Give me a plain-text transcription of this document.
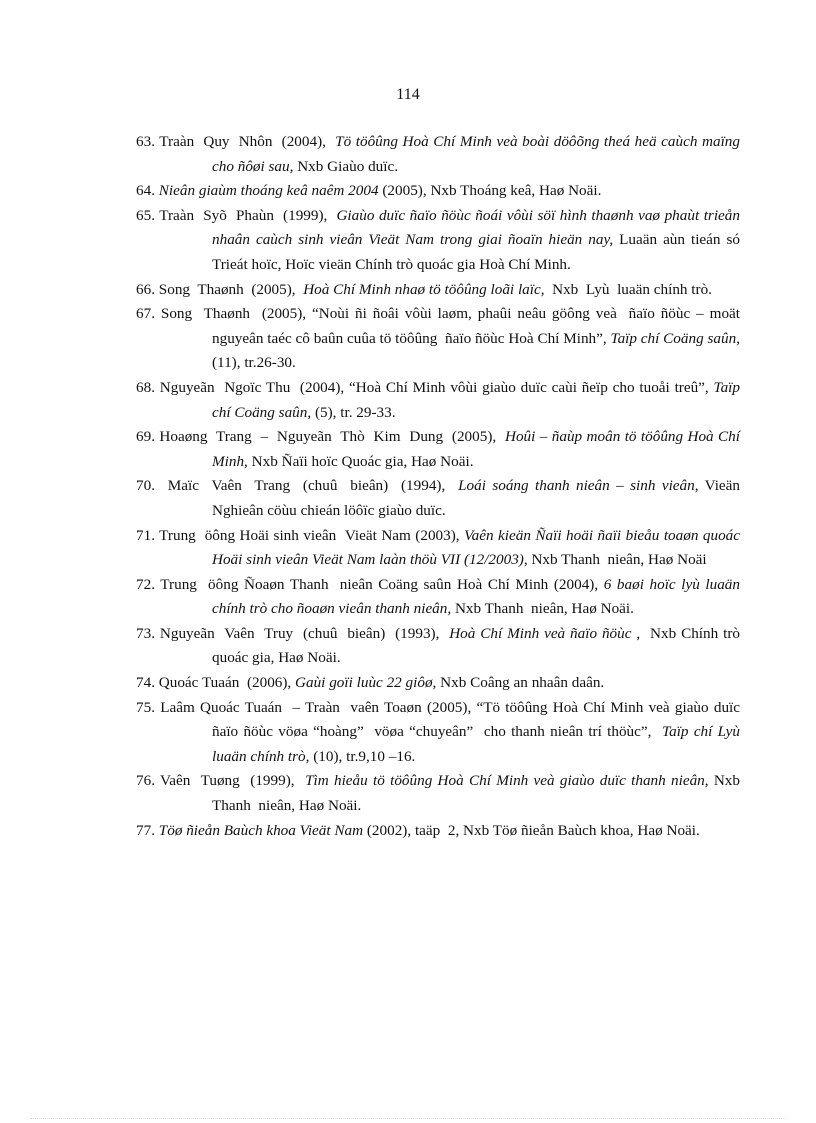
114
63. Traàn  Quy  Nhôn  (2004),  Tö töôûng Hoà Chí Minh veà boài döôõng theá heä caùch maïng cho ñôøi sau, Nxb Giaùo duïc.
64. Nieân giaùm thoáng keâ naêm 2004 (2005), Nxb Thoáng keâ, Haø Noäi.
65. Traàn  Syõ  Phaùn  (1999),  Giaùo duïc ñaïo ñöùc ñoái vôùi söï hình thaønh vaø phaùt trieån nhaân caùch sinh vieân Vieät Nam trong giai ñoaïn hieän nay, Luaän aùn tieán só Trieát hoïc, Hoïc vieän Chính trò quoác gia Hoà Chí Minh.
66. Song  Thaønh  (2005),  Hoà Chí Minh nhaø tö töôûng loãi laïc,  Nxb  Lyù  luaän chính trò.
67. Song  Thaønh  (2005), “Noùi ñi ñoâi vôùi laøm, phaûi neâu göông veà  ñaïo ñöùc – moät nguyeân taéc cô baûn cuûa tö töôûng  ñaïo ñöùc Hoà Chí Minh”, Taïp chí Coäng saûn, (11), tr.26-30.
68. Nguyeãn  Ngoïc Thu  (2004), “Hoà Chí Minh vôùi giaùo duïc caùi ñeïp cho tuoåi treû”, Taïp chí Coäng saûn, (5), tr. 29-33.
69. Hoaøng  Trang  –  Nguyeãn  Thò  Kim  Dung  (2005),  Hoûi – ñaùp moân tö töôûng Hoà Chí Minh, Nxb Ñaïi hoïc Quoác gia, Haø Noäi.
70.  Maïc  Vaên  Trang  (chuû  bieân)  (1994),  Loái soáng thanh nieân – sinh vieân, Vieän Nghieân cöùu chieán löôïc giaùo duïc.
71. Trung  öông Hoäi sinh vieân  Vieät Nam (2003), Vaên kieän Ñaïi hoäi ñaïi bieåu toaøn quoác Hoäi sinh vieân Vieät Nam laàn thöù VII (12/2003), Nxb Thanh  nieân, Haø Noäi
72. Trung  öông Ñoaøn Thanh  nieân Coäng saûn Hoà Chí Minh (2004), 6 baøi hoïc lyù luaän chính trò cho ñoaøn vieân thanh nieân, Nxb Thanh  nieân, Haø Noäi.
73. Nguyeãn  Vaên  Truy  (chuû  bieân)  (1993),  Hoà Chí Minh veà ñaïo ñöùc ,  Nxb Chính trò quoác gia, Haø Noäi.
74. Quoác Tuaán  (2006), Gaùi goïi luùc 22 giôø, Nxb Coâng an nhaân daân.
75. Laâm Quoác Tuaán  – Traàn  vaên Toaøn (2005), “Tö töôûng Hoà Chí Minh veà giaùo duïc  ñaïo ñöùc vöøa “hoàng”  vöøa “chuyeân”  cho thanh nieân trí thöùc”,  Taïp chí Lyù luaän chính trò, (10), tr.9,10 –16.
76. Vaên  Tuøng  (1999),  Tìm hieåu tö töôûng Hoà Chí Minh veà giaùo duïc thanh nieân, Nxb Thanh  nieân, Haø Noäi.
77. Töø ñieån Baùch khoa Vieät Nam (2002), taäp  2, Nxb Töø ñieån Baùch khoa, Haø Noäi.
